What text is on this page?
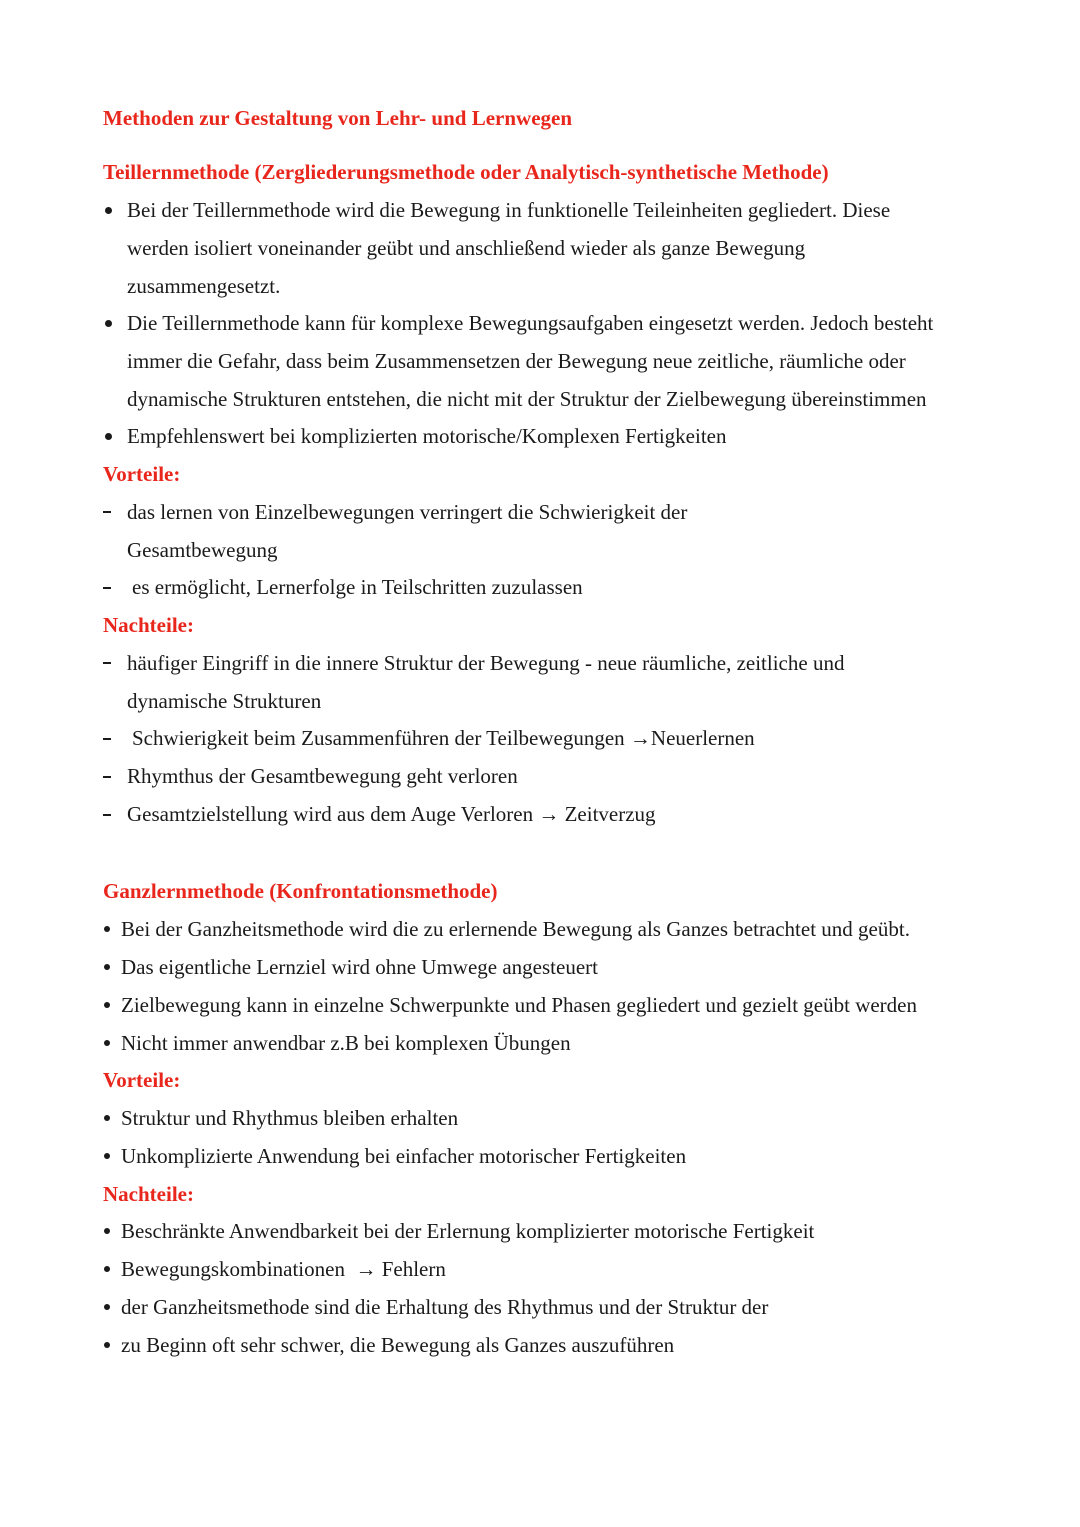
Methoden zur Gestaltung von Lehr- und Lernwegen
Teillernmethode (Zergliederungsmethode oder Analytisch-synthetische Methode)
Bei der Teillernmethode wird die Bewegung in funktionelle Teileinheiten gegliedert. Diese
werden isoliert voneinander geübt und anschließend wieder als ganze Bewegung
zusammengesetzt.
Die Teillernmethode kann für komplexe Bewegungsaufgaben eingesetzt werden. Jedoch besteht
immer die Gefahr, dass beim Zusammensetzen der Bewegung neue zeitliche, räumliche oder
dynamische Strukturen entstehen, die nicht mit der Struktur der Zielbewegung übereinstimmen
Empfehlenswert bei komplizierten motorische/Komplexen Fertigkeiten
Vorteile:
das lernen von Einzelbewegungen verringert die Schwierigkeit der
Gesamtbewegung
es ermöglicht, Lernerfolge in Teilschritten zuzulassen
Nachteile:
häufiger Eingriff in die innere Struktur der Bewegung - neue räumliche, zeitliche und
dynamische Strukturen
Schwierigkeit beim Zusammenführen der Teilbewegungen →Neuerlernen
Rhymthus der Gesamtbewegung geht verloren
Gesamtzielstellung wird aus dem Auge Verloren → Zeitverzug
Ganzlernmethode (Konfrontationsmethode)
Bei der Ganzheitsmethode wird die zu erlernende Bewegung als Ganzes betrachtet und geübt.
Das eigentliche Lernziel wird ohne Umwege angesteuert
Zielbewegung kann in einzelne Schwerpunkte und Phasen gegliedert und gezielt geübt werden
Nicht immer anwendbar z.B bei komplexen Übungen
Vorteile:
Struktur und Rhythmus bleiben erhalten
Unkomplizierte Anwendung bei einfacher motorischer Fertigkeiten
Nachteile:
Beschränkte Anwendbarkeit bei der Erlernung komplizierter motorische Fertigkeit
Bewegungskombinationen  → Fehlern
der Ganzheitsmethode sind die Erhaltung des Rhythmus und der Struktur der
zu Beginn oft sehr schwer, die Bewegung als Ganzes auszuführen
